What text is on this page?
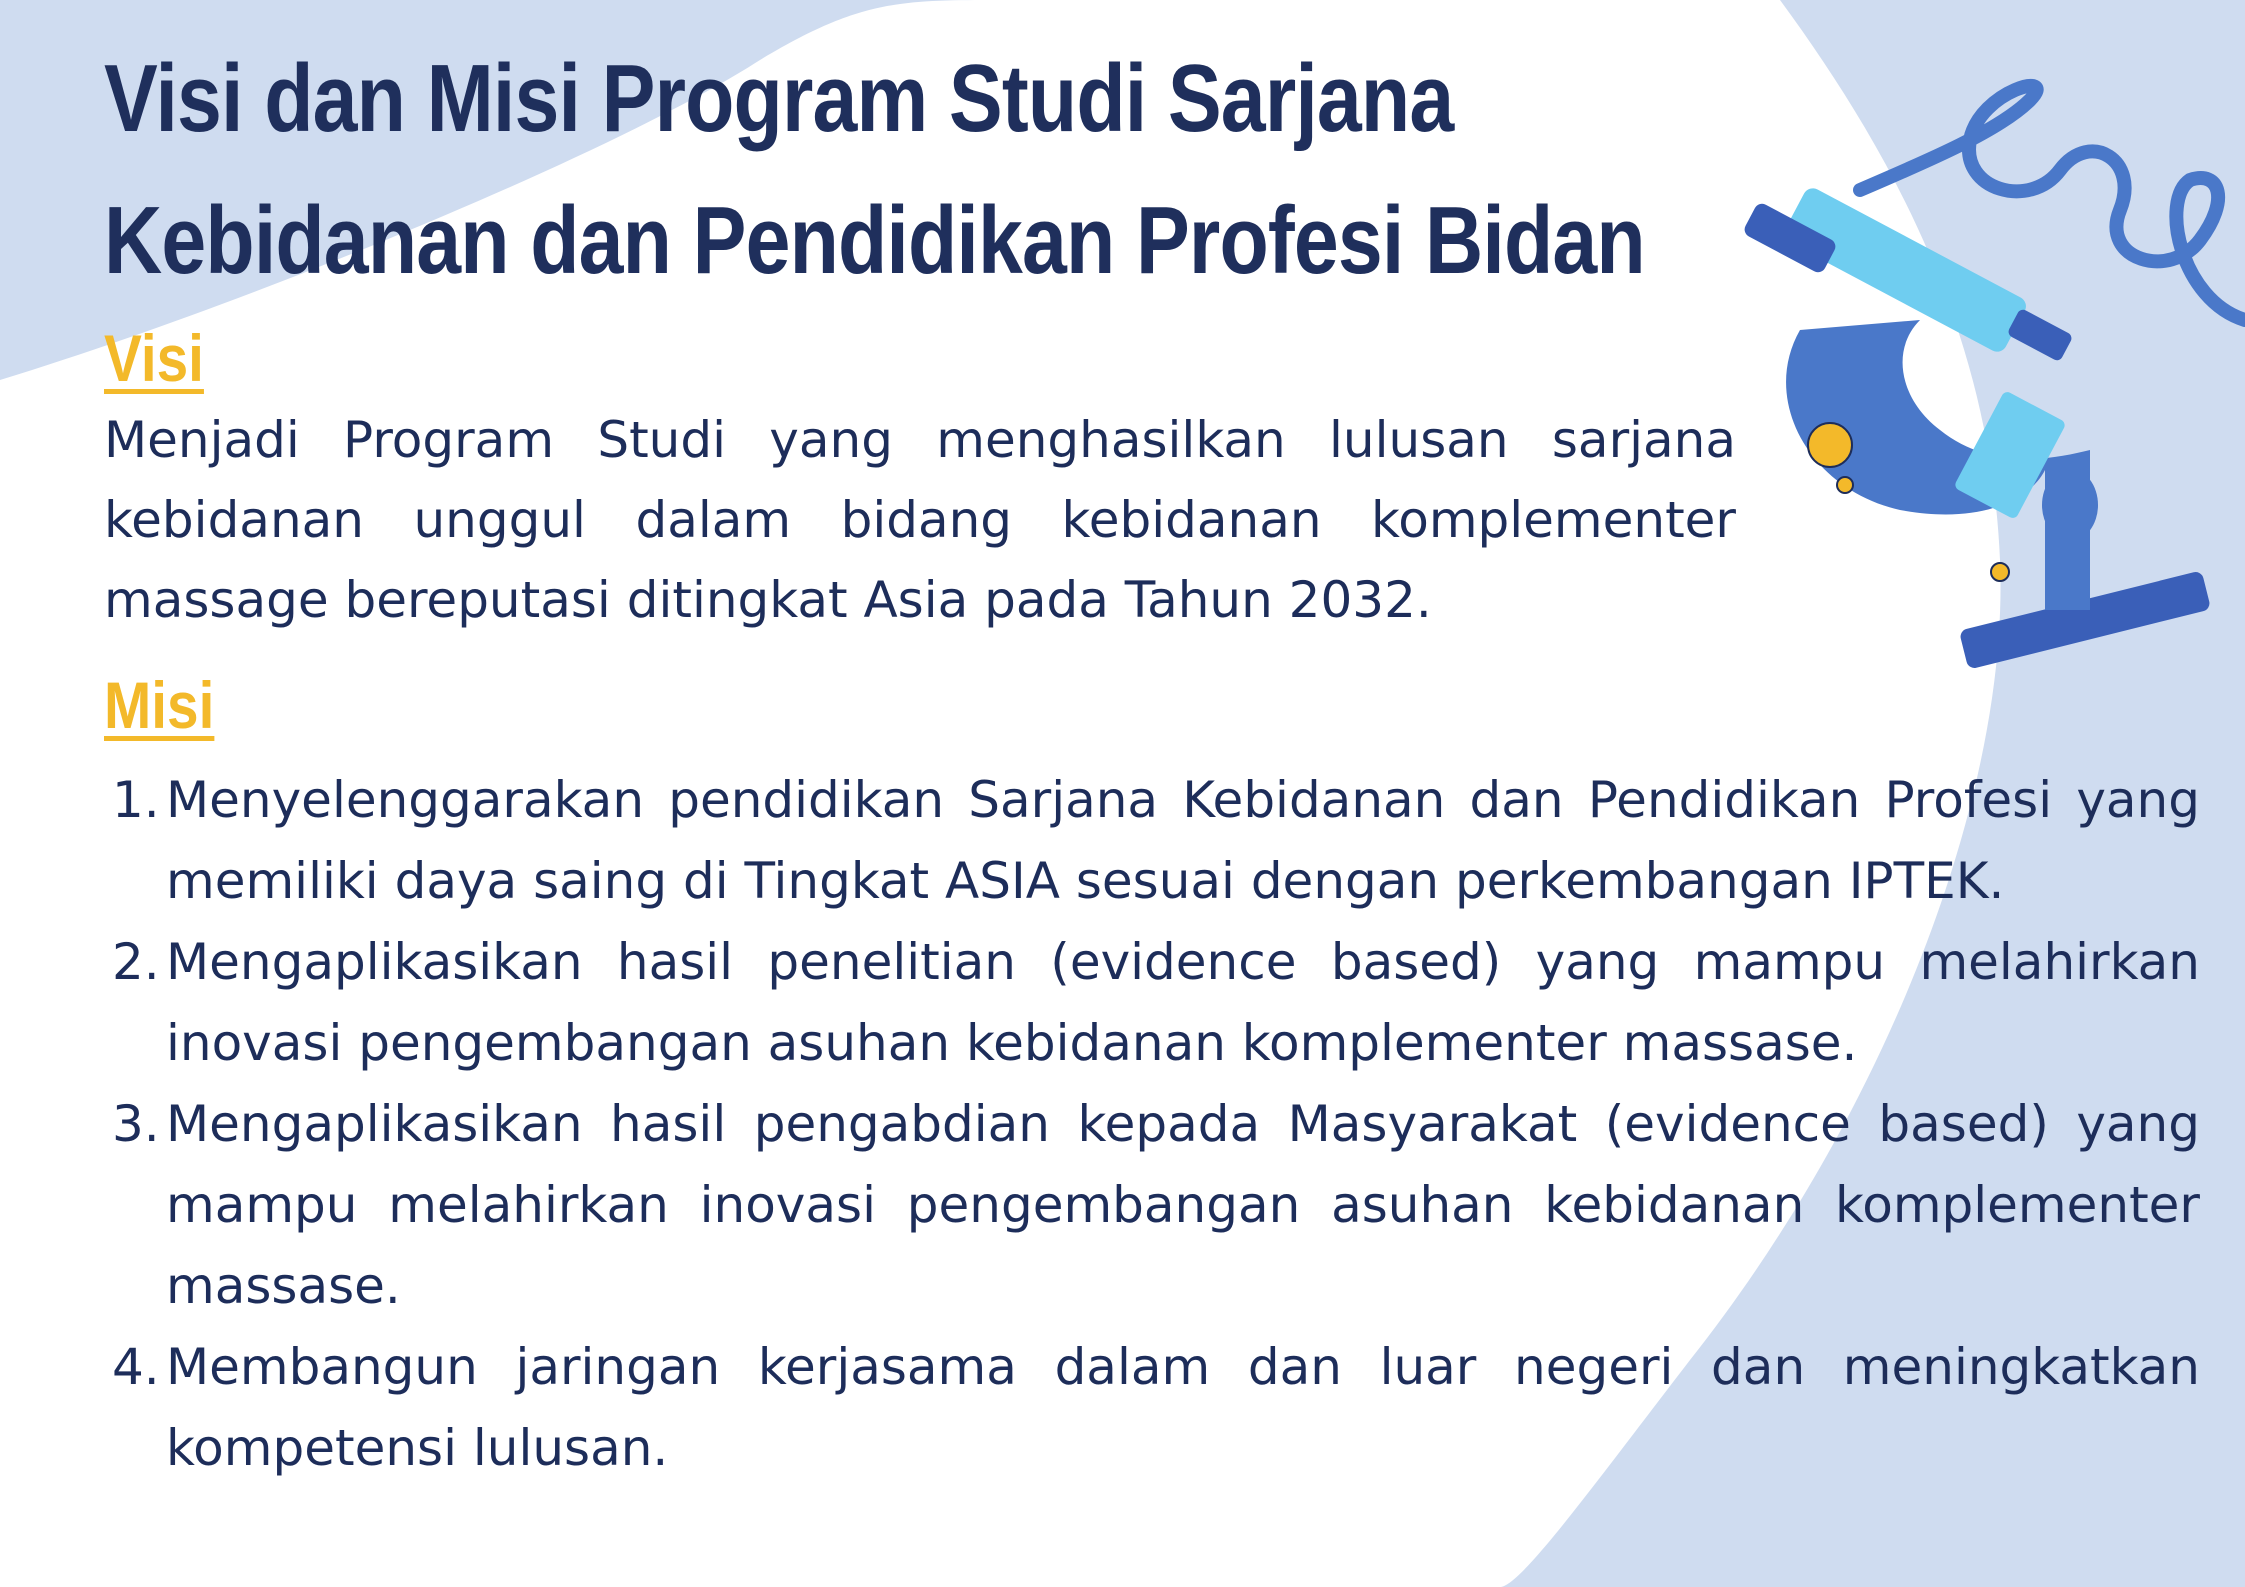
Visi dan Misi Program Studi Sarjana Kebidanan dan Pendidikan Profesi Bidan
Visi

Menjadi Program Studi yang menghasilkan lulusan sarjana kebidanan unggul dalam bidang kebidanan komplementer massage bereputasi ditingkat Asia pada Tahun 2032.

Misi
1. Menyelenggarakan pendidikan Sarjana Kebidanan dan Pendidikan Profesi yang memiliki daya saing di Tingkat ASIA sesuai dengan perkembangan IPTEK.
2. Mengaplikasikan hasil penelitian (evidence based) yang mampu melahirkan inovasi pengembangan asuhan kebidanan komplementer massase.
3. Mengaplikasikan hasil pengabdian kepada Masyarakat (evidence based) yang mampu melahirkan inovasi pengembangan asuhan kebidanan komplementer massase.
4. Membangun jaringan kerjasama dalam dan luar negeri dan meningkatkan kompetensi lulusan.
